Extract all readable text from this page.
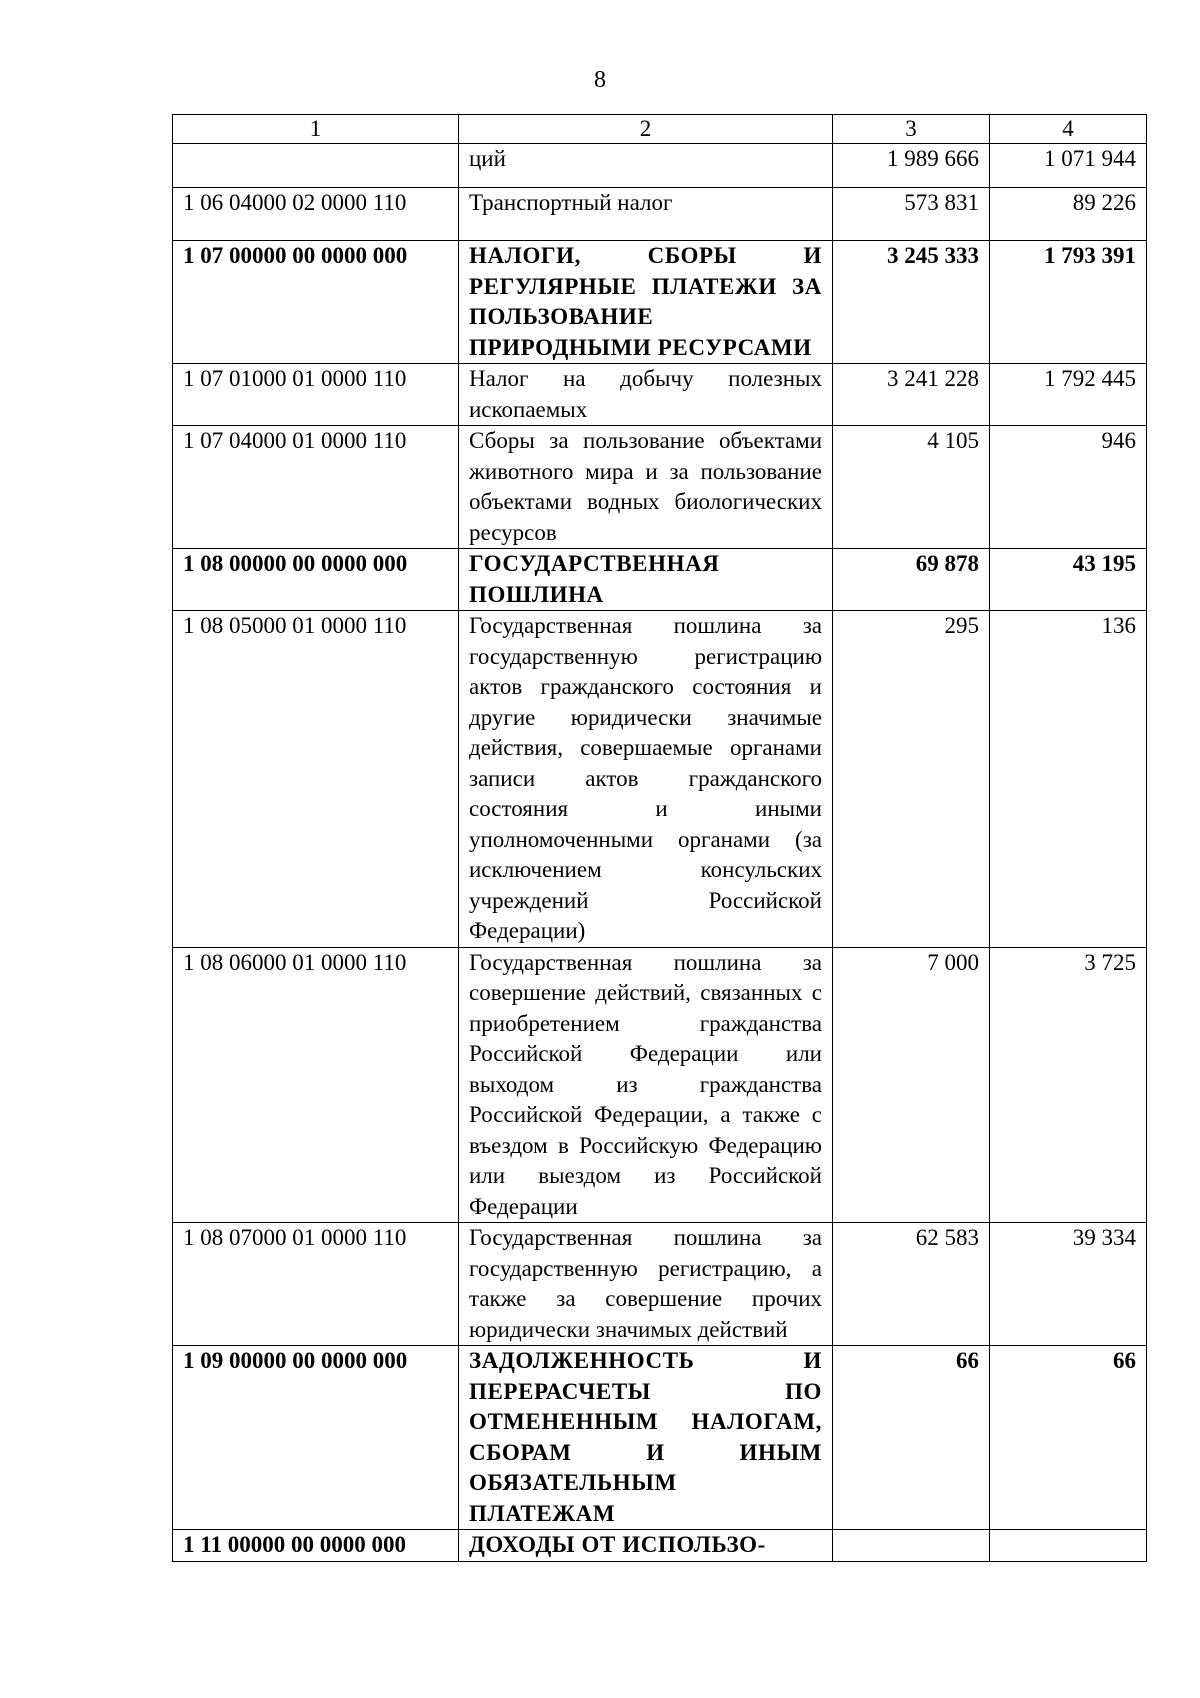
8
1	2	3	4
	ций	1 989 666	1 071 944
1 06 04000 02 0000 110	Транспортный налог	573 831	89 226
1 07 00000 00 0000 000	НАЛОГИ, СБОРЫ И РЕГУЛЯРНЫЕ ПЛАТЕЖИ ЗА ПОЛЬЗОВАНИЕ ПРИРОДНЫМИ РЕСУРСАМИ	3 245 333	1 793 391
1 07 01000 01 0000 110	Налог на добычу полезных ископаемых	3 241 228	1 792 445
1 07 04000 01 0000 110	Сборы за пользование объектами животного мира и за пользование объектами водных биологических ресурсов	4 105	946
1 08 00000 00 0000 000	ГОСУДАРСТВЕННАЯ ПОШЛИНА	69 878	43 195
1 08 05000 01 0000 110	Государственная пошлина за государственную регистрацию актов гражданского состояния и другие юридически значимые действия, совершаемые органами записи актов гражданского состояния и иными уполномоченными органами (за исключением консульских учреждений Российской Федерации)	295	136
1 08 06000 01 0000 110	Государственная пошлина за совершение действий, связанных с приобретением гражданства Российской Федерации или выходом из гражданства Российской Федерации, а также с въездом в Российскую Федерацию или выездом из Российской Федерации	7 000	3 725
1 08 07000 01 0000 110	Государственная пошлина за государственную регистрацию, а также за совершение прочих юридически значимых действий	62 583	39 334
1 09 00000 00 0000 000	ЗАДОЛЖЕННОСТЬ И ПЕРЕРАСЧЕТЫ ПО ОТМЕНЕННЫМ НАЛОГАМ, СБОРАМ И ИНЫМ ОБЯЗАТЕЛЬНЫМ ПЛАТЕЖАМ	66	66
1 11 00000 00 0000 000	ДОХОДЫ ОТ ИСПОЛЬЗО-		
